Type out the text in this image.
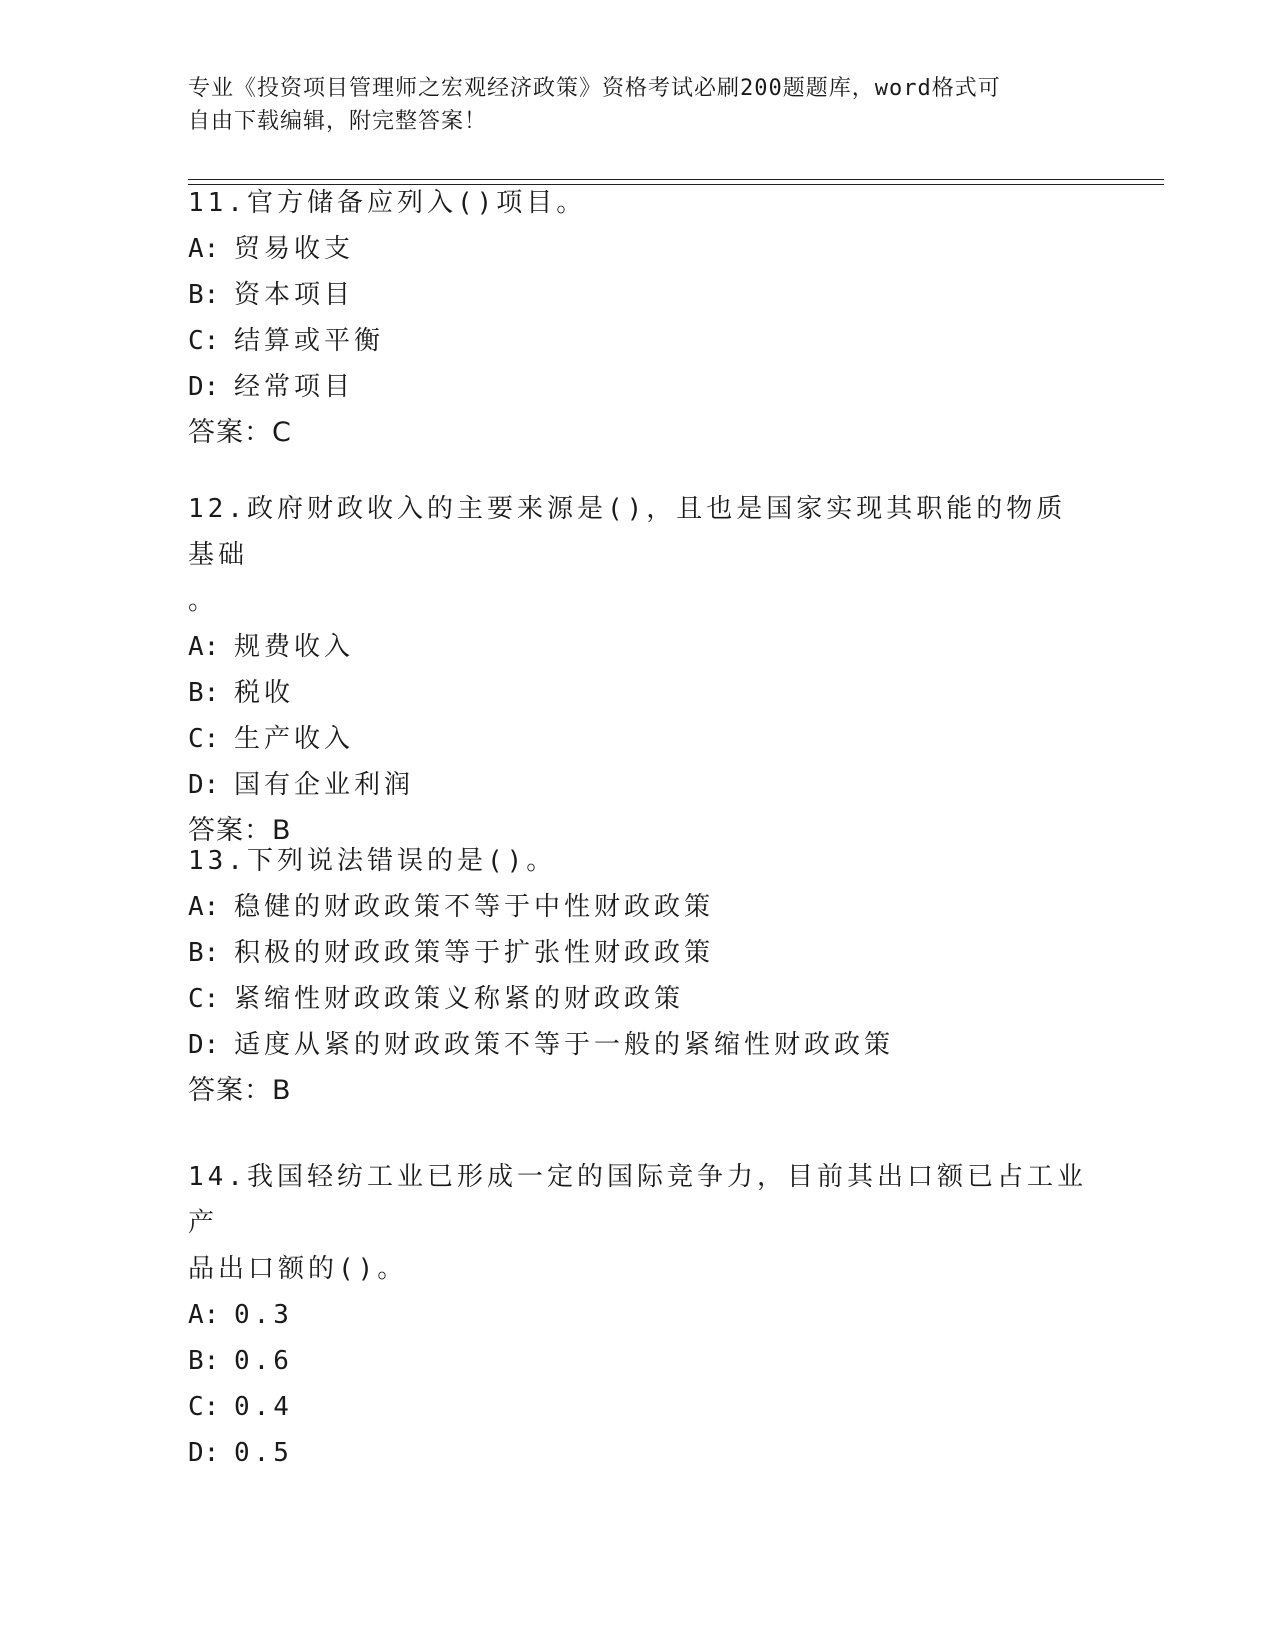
专业《投资项目管理师之宏观经济政策》资格考试必刷200题题库，word格式可
自由下载编辑，附完整答案！
11.官方储备应列入()项目。
A: 贸易收支
B: 资本项目
C: 结算或平衡
D: 经常项目
答案：C
12.政府财政收入的主要来源是()，且也是国家实现其职能的物质基础
。
A: 规费收入
B: 税收
C: 生产收入
D: 国有企业利润
答案：B
13.下列说法错误的是()。
A: 稳健的财政政策不等于中性财政政策
B: 积极的财政政策等于扩张性财政政策
C: 紧缩性财政政策义称紧的财政政策
D: 适度从紧的财政政策不等于一般的紧缩性财政政策
答案：B
14.我国轻纺工业已形成一定的国际竞争力，目前其出口额已占工业产
品出口额的()。
A: 0.3
B: 0.6
C: 0.4
D: 0.5
